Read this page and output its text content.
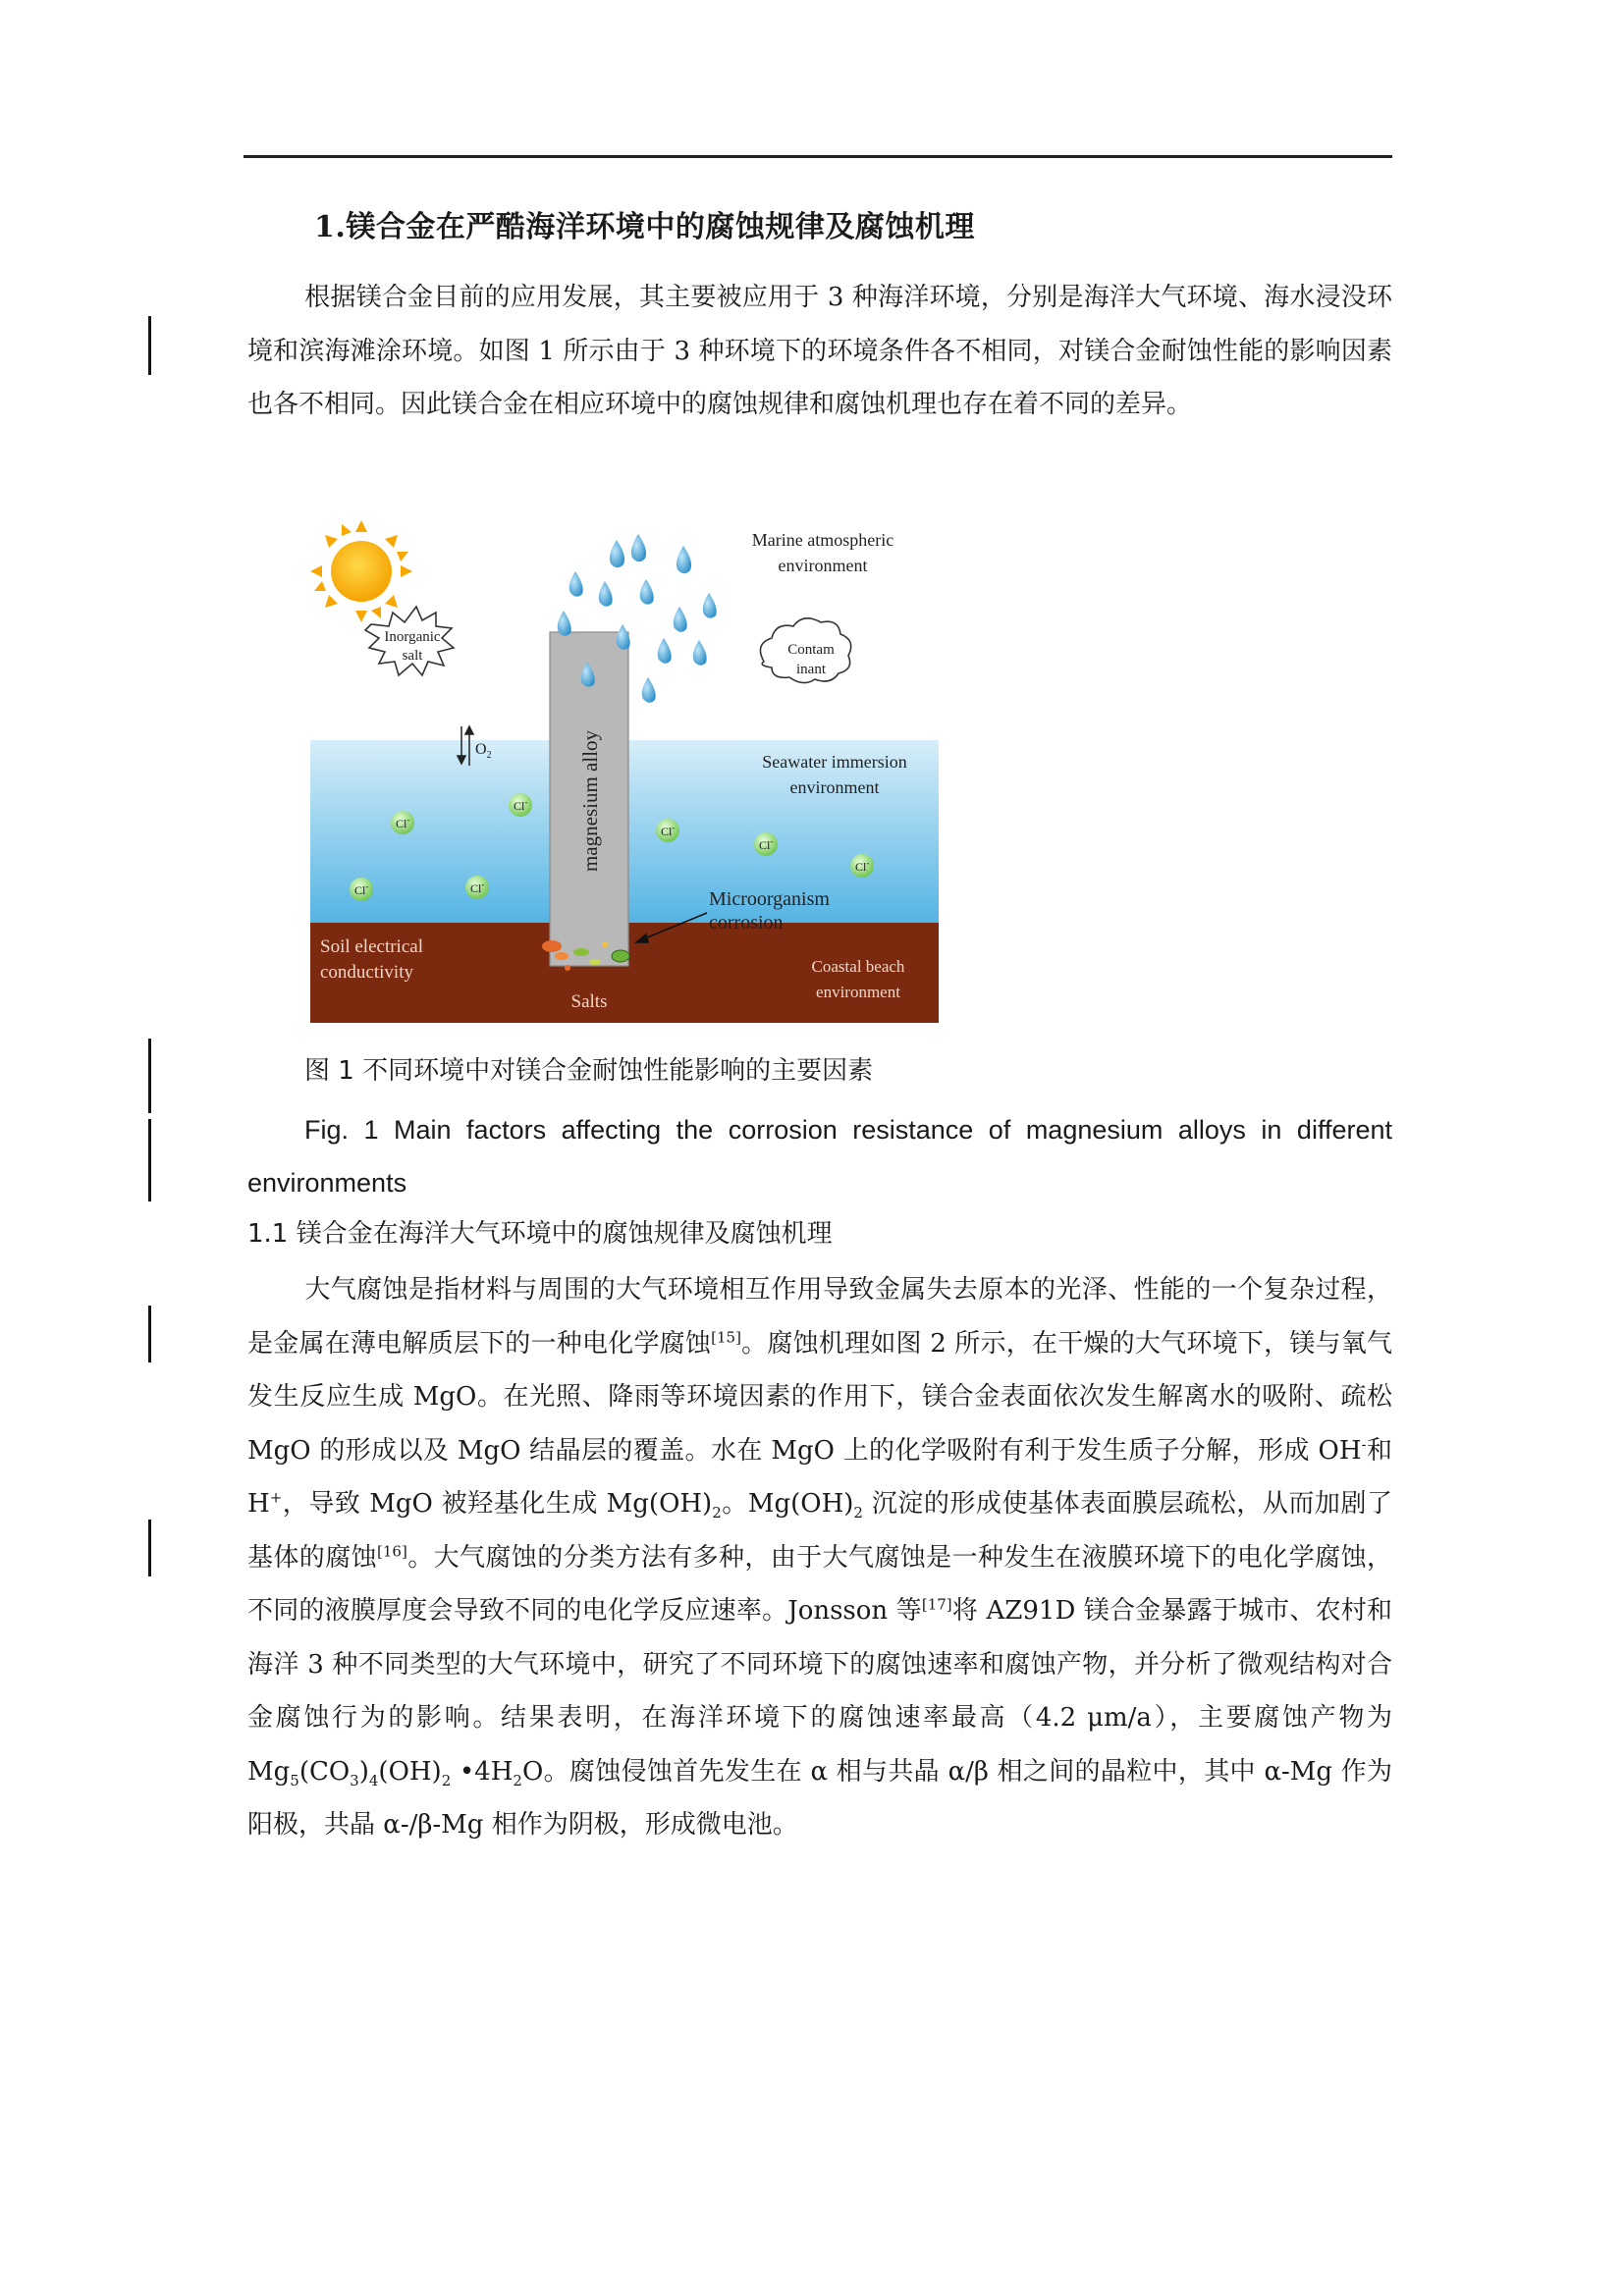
1.镁合金在严酷海洋环境中的腐蚀规律及腐蚀机理
根据镁合金目前的应用发展，其主要被应用于 3 种海洋环境，分别是海洋大气环境、海水浸没环境和滨海滩涂环境。如图 1 所示由于 3 种环境下的环境条件各不相同，对镁合金耐蚀性能的影响因素也各不相同。因此镁合金在相应环境中的腐蚀规律和腐蚀机理也存在着不同的差异。
Inorganic
salt	Contam
inant
Marine atmospheric
environment
magnesium alloy
$O_2$	Seawater immersion
environment
Cl-
Cl-
Cl-	Cl-
Cl-
Cl-
Cl-
Microorganism
corrosion
Soil electrical
conductivity
Salts
Coastal beach
environment
图 1 不同环境中对镁合金耐蚀性能影响的主要因素
Fig. 1 Main factors affecting the corrosion resistance of magnesium alloys in different environments
1.1 镁合金在海洋大气环境中的腐蚀规律及腐蚀机理
大气腐蚀是指材料与周围的大气环境相互作用导致金属失去原本的光泽、性能的一个复杂过程，是金属在薄电解质层下的一种电化学腐蚀[15]。腐蚀机理如图 2 所示，在干燥的大气环境下，镁与氧气发生反应生成 MgO。在光照、降雨等环境因素的作用下，镁合金表面依次发生解离水的吸附、疏松 MgO 的形成以及 MgO 结晶层的覆盖。水在 MgO 上的化学吸附有利于发生质子分解，形成 OH-和 H+，导致 MgO 被羟基化生成 $Mg(OH)_2$。$Mg(OH)_2$ 沉淀的形成使基体表面膜层疏松，从而加剧了基体的腐蚀[16]。大气腐蚀的分类方法有多种，由于大气腐蚀是一种发生在液膜环境下的电化学腐蚀，不同的液膜厚度会导致不同的电化学反应速率。Jonsson 等[17]将 AZ91D 镁合金暴露于城市、农村和海洋 3 种不同类型的大气环境中，研究了不同环境下的腐蚀速率和腐蚀产物，并分析了微观结构对合金腐蚀行为的影响。结果表明，在海洋环境下的腐蚀速率最高（4.2 μm/a），主要腐蚀产物为 $Mg_5(CO_3)_4(OH)_2$ $•4H_2O$。腐蚀侵蚀首先发生在 α 相与共晶 α/β 相之间的晶粒中，其中 α-Mg 作为阳极，共晶 α-/β-Mg 相作为阴极，形成微电池。
